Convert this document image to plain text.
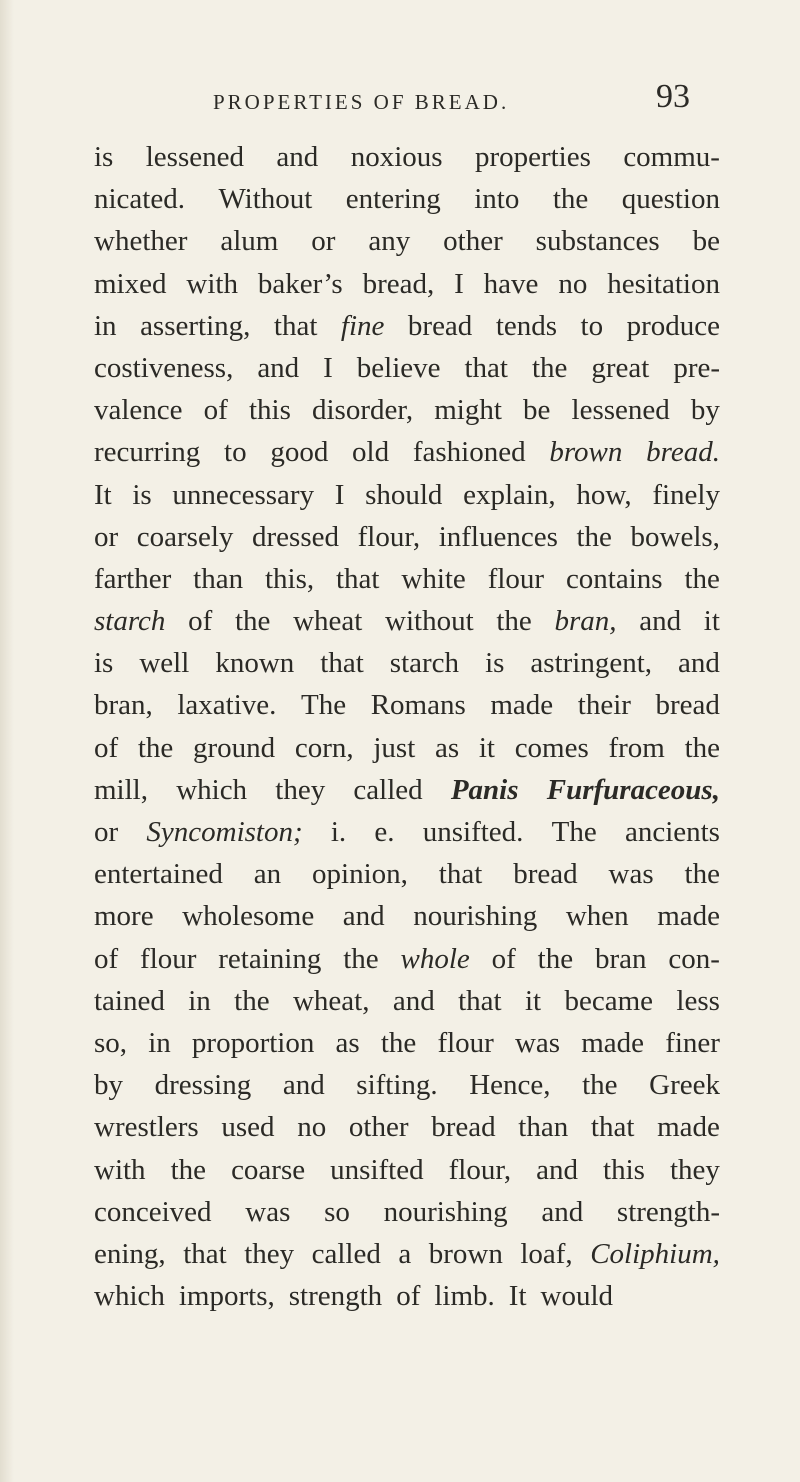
PROPERTIES OF BREAD.	93
is lessened and noxious properties commu-
nicated. Without entering into the question
whether alum or any other substances be
mixed with baker’s bread, I have no hesitation
in asserting, that fine bread tends to produce
costiveness, and I believe that the great pre-
valence of this disorder, might be lessened by
recurring to good old fashioned brown bread.
It is unnecessary I should explain, how, finely
or coarsely dressed flour, influences the bowels,
farther than this, that white flour contains the
starch of the wheat without the bran, and it
is well known that starch is astringent, and
bran, laxative. The Romans made their bread
of the ground corn, just as it comes from the
mill, which they called Panis Furfuraceous,
or Syncomiston; i. e. unsifted. The ancients
entertained an opinion, that bread was the
more wholesome and nourishing when made
of flour retaining the whole of the bran con-
tained in the wheat, and that it became less
so, in proportion as the flour was made finer
by dressing and sifting. Hence, the Greek
wrestlers used no other bread than that made
with the coarse unsifted flour, and this they
conceived was so nourishing and strength-
ening, that they called a brown loaf, Coliphium,
which imports, strength of limb. It would
